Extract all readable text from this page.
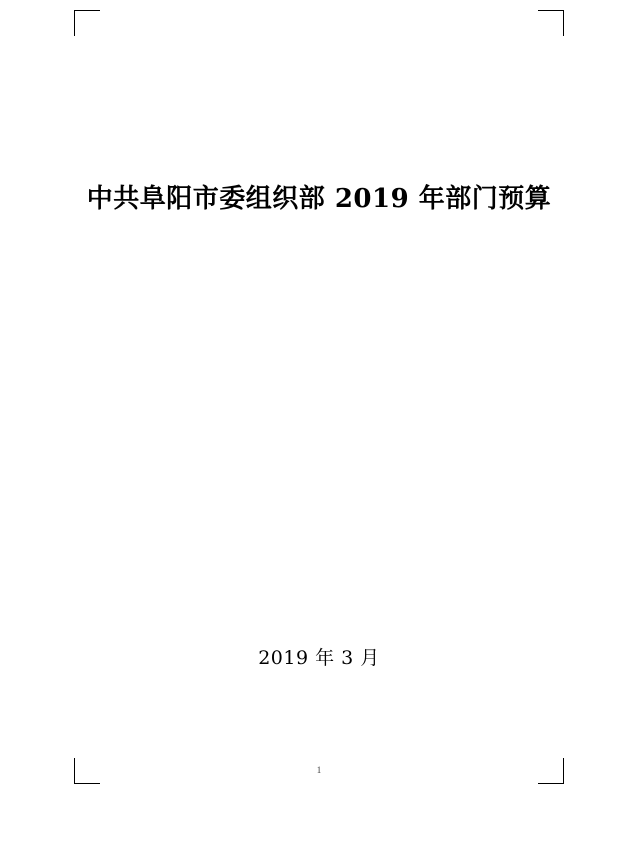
中共阜阳市委组织部 2019 年部门预算
2019 年 3 月
1
